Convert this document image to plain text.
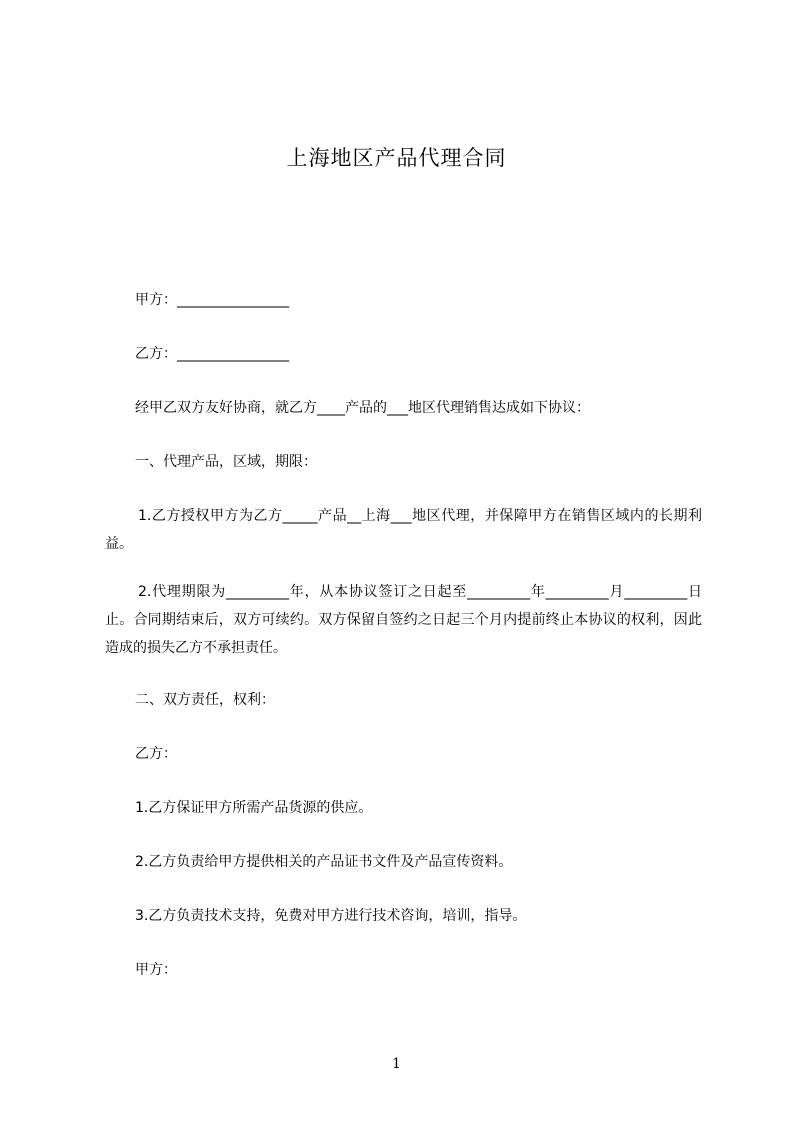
上海地区产品代理合同
甲方：________________
乙方：________________
经甲乙双方友好协商，就乙方____产品的___地区代理销售达成如下协议：
一、代理产品，区域，期限：
1.乙方授权甲方为乙方_____产品__上海___地区代理，并保障甲方在销售区域内的长期利益。
2.代理期限为_________年，从本协议签订之日起至_________年_________月_________日止。合同期结束后，双方可续约。双方保留自签约之日起三个月内提前终止本协议的权利，因此造成的损失乙方不承担责任。
二、双方责任，权利：
乙方：
1.乙方保证甲方所需产品货源的供应。
2.乙方负责给甲方提供相关的产品证书文件及产品宣传资料。
3.乙方负责技术支持，免费对甲方进行技术咨询，培训，指导。
甲方：
1
